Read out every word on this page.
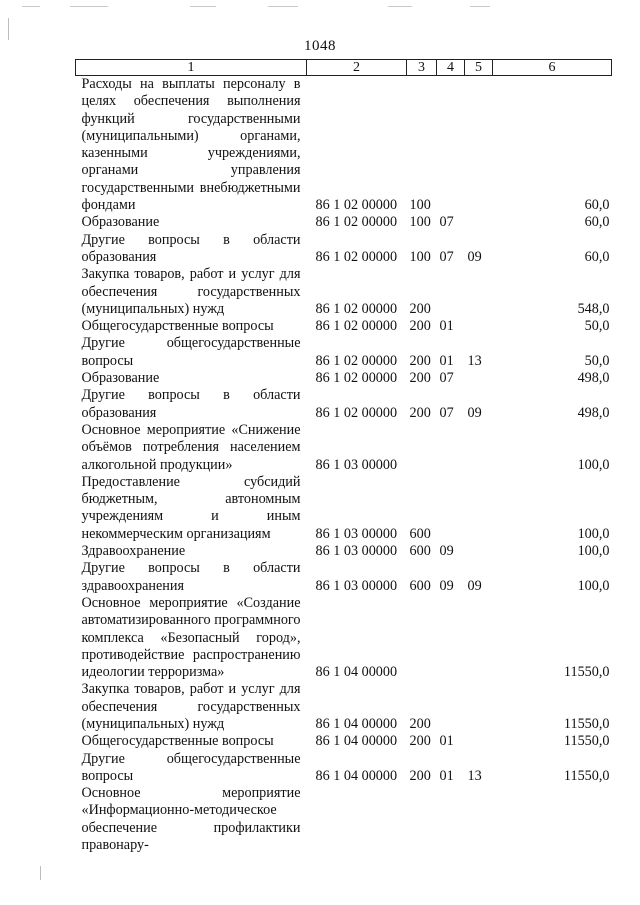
1048
1	2	3	4	5	6
Расходы на выплаты персоналу в целях обеспечения выполнения функций государственными (муниципальными) органами, казенными учреждениями, органами управления государственными внебюджетными фондами	86 1 02 00000	100			60,0
Образование	86 1 02 00000	100	07		60,0
Другие вопросы в области образования	86 1 02 00000	100	07	09	60,0
Закупка товаров, работ и услуг для обеспечения государственных (муниципальных) нужд	86 1 02 00000	200			548,0
Общегосударственные вопросы	86 1 02 00000	200	01		50,0
Другие общегосударственные вопросы	86 1 02 00000	200	01	13	50,0
Образование	86 1 02 00000	200	07		498,0
Другие вопросы в области образования	86 1 02 00000	200	07	09	498,0
Основное мероприятие «Снижение объёмов потребления населением алкогольной продукции»	86 1 03 00000				100,0
Предоставление субсидий бюджетным, автономным учреждениям и иным некоммерческим организациям	86 1 03 00000	600			100,0
Здравоохранение	86 1 03 00000	600	09		100,0
Другие вопросы в области здравоохранения	86 1 03 00000	600	09	09	100,0
Основное мероприятие «Создание автоматизированного программного комплекса «Безопасный город», противодействие распространению идеологии терроризма»	86 1 04 00000				11550,0
Закупка товаров, работ и услуг для обеспечения государственных (муниципальных) нужд	86 1 04 00000	200			11550,0
Общегосударственные вопросы	86 1 04 00000	200	01		11550,0
Другие общегосударственные вопросы	86 1 04 00000	200	01	13	11550,0
Основное мероприятие «Информационно-методическое обеспечение профилактики правонару-					
